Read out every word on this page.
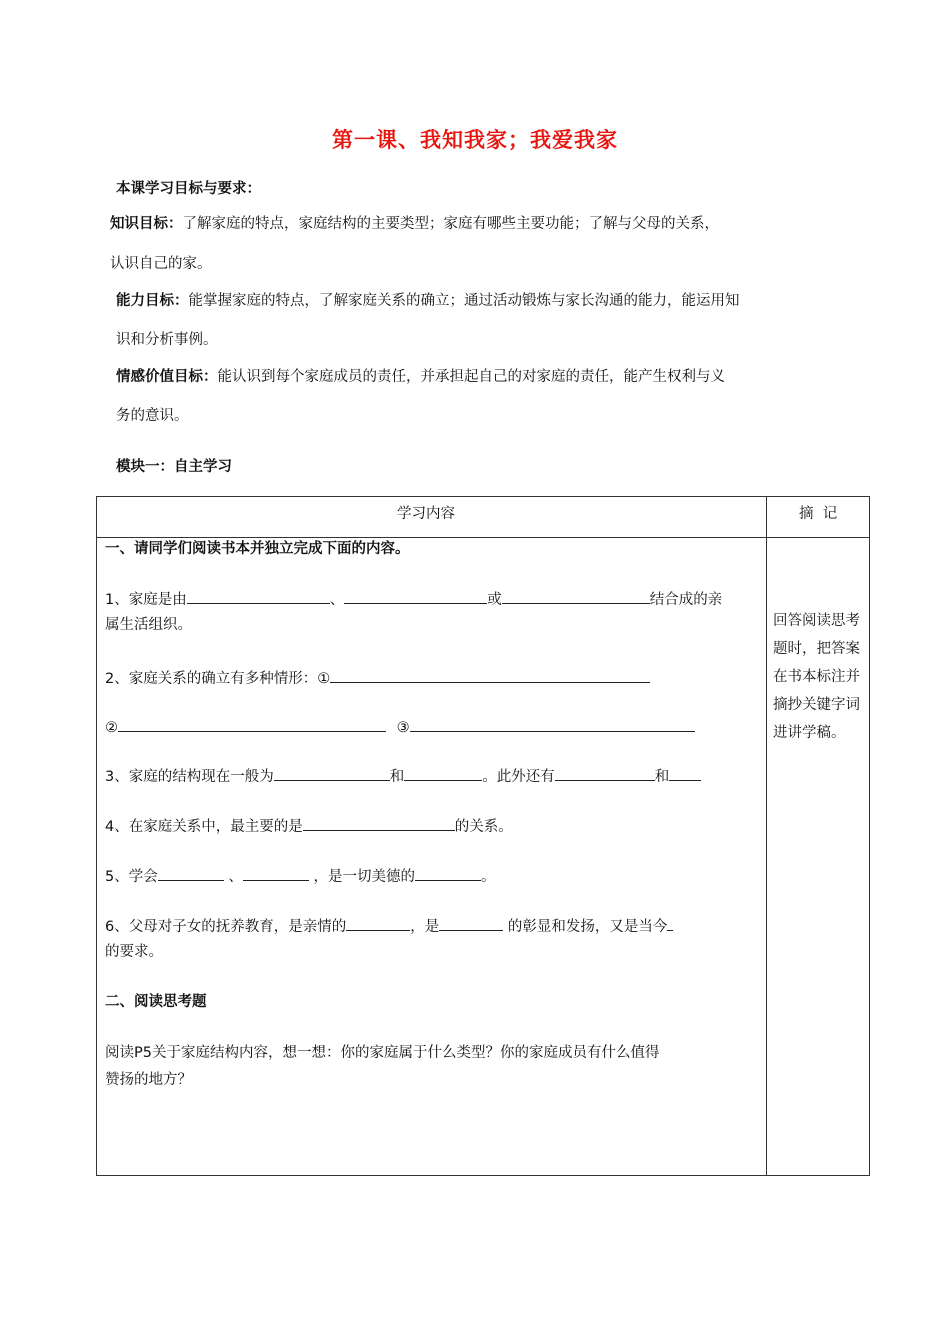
第一课、我知我家；我爱我家
本课学习目标与要求：
知识目标：了解家庭的特点，家庭结构的主要类型；家庭有哪些主要功能；了解与父母的关系，
认识自己的家。
能力目标：能掌握家庭的特点，了解家庭关系的确立；通过活动锻炼与家长沟通的能力，能运用知
识和分析事例。
情感价值目标：能认识到每个家庭成员的责任，并承担起自己的对家庭的责任，能产生权利与义
务的意识。
模块一：自主学习
学习内容	摘  记
一、请同学们阅读书本并独立完成下面的内容。
1、家庭是由	、	或	结合成的亲
属生活组织。
2、家庭关系的确立有多种情形：①
②	③
3、家庭的结构现在一般为	和	。此外还有	和
4、在家庭关系中，最主要的是	的关系。
5、学会	、	，是一切美德的	。
6、父母对子女的抚养教育，是亲情的	，是	的彰显和发扬，又是当今
的要求。
二、阅读思考题
阅读P5关于家庭结构内容，想一想：你的家庭属于什么类型？你的家庭成员有什么值得
赞扬的地方？
回答阅读思考题时，把答案在书本标注并摘抄关键字词进讲学稿。
